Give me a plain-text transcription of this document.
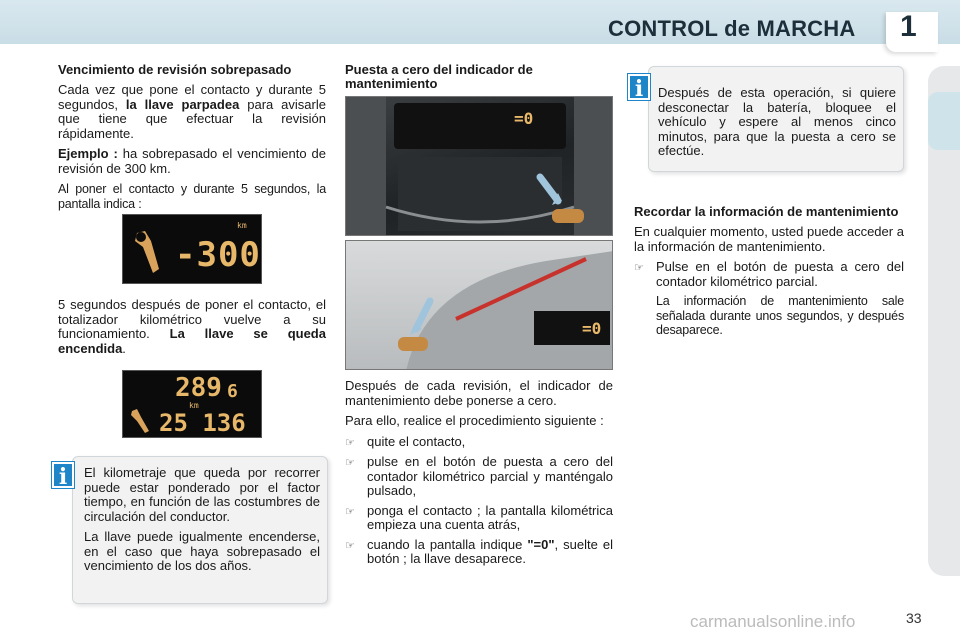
CONTROL de MARCHA 1
Vencimiento de revisión sobrepasado

Cada vez que pone el contacto y durante 5 segundos, la llave parpadea para avisarle que tiene que efectuar la revisión rápidamente.

Ejemplo : ha sobrepasado el vencimiento de revisión de 300 km.

Al poner el contacto y durante 5 segundos, la pantalla indica :

-300
km

5 segundos después de poner el contacto, el totalizador kilométrico vuelve a su funcionamiento. La llave se queda encendida.

289 6
km
25 136
i	El kilometraje que queda por recorrer puede estar ponderado por el factor tiempo, en función de las costumbres de circulación del conductor.

La llave puede igualmente encenderse, en el caso que haya sobrepasado el vencimiento de los dos años.

Puesta a cero del indicador de mantenimiento
=0
=0

Después de cada revisión, el indicador de mantenimiento debe ponerse a cero.

Para ello, realice el procedimiento siguiente :

☞ quite el contacto,
☞ pulse en el botón de puesta a cero del contador kilométrico parcial y manténgalo pulsado,
☞ ponga el contacto ; la pantalla kilométrica empieza una cuenta atrás,
☞ cuando la pantalla indique "=0", suelte el botón ; la llave desaparece.
i	Después de esta operación, si quiere desconectar la batería, bloquee el vehículo y espere al menos cinco minutos, para que la puesta a cero se efectúe.

Recordar la información de mantenimiento

En cualquier momento, usted puede acceder a la información de mantenimiento.

☞ Pulse en el botón de puesta a cero del contador kilométrico parcial.
La información de mantenimiento sale señalada durante unos segundos, y después desaparece.
carmanualsonline.info	33
